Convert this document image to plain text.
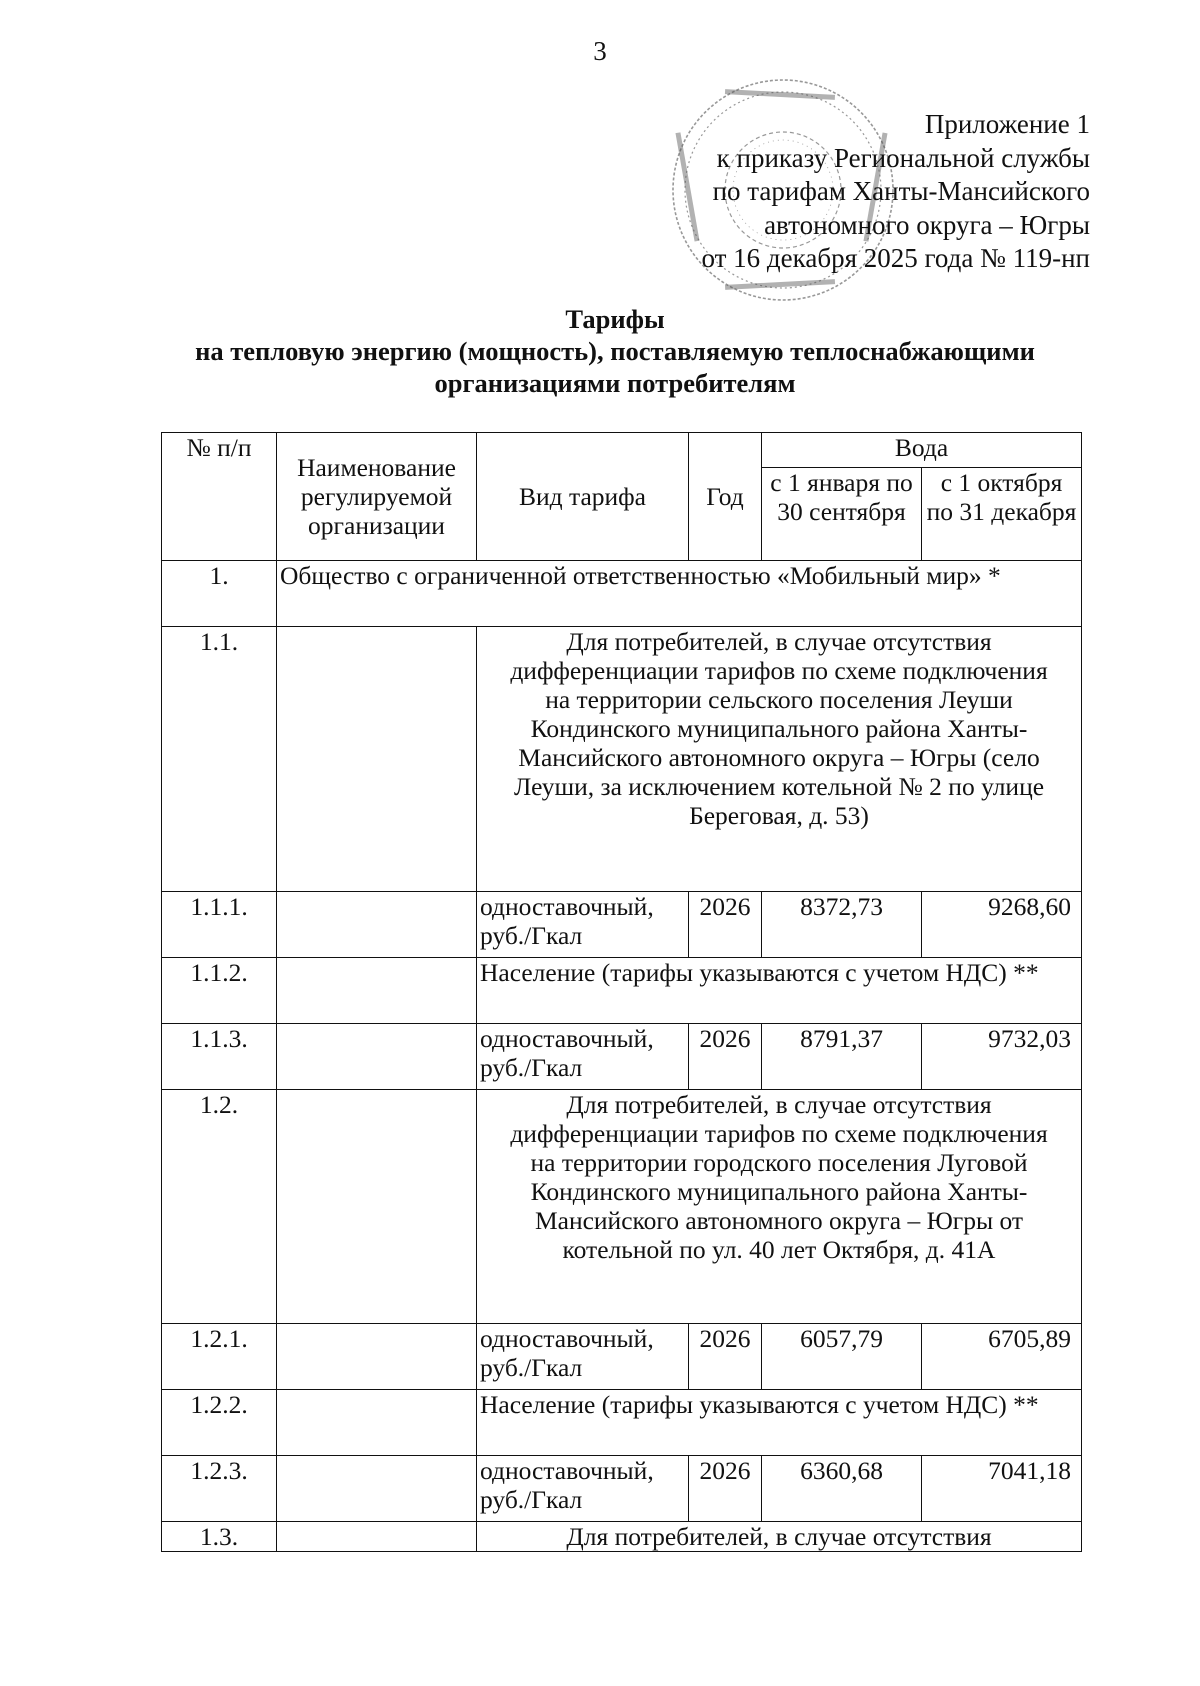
3
Приложение 1
к приказу Региональной службы
по тарифам Ханты-Мансийского
автономного округа – Югры
от 16 декабря 2025 года № 119-нп
Тарифы
на тепловую энергию (мощность), поставляемую теплоснабжающими
организациями потребителям
№ п/п	Наименование регулируемой организации	Вид тарифа	Год	Вода	
				с 1 января по 30 сентября	с 1 октября по 31 декабря
1.	Общество с ограниченной ответственностью «Мобильный мир» *				
1.1.		Для потребителей, в случае отсутствия дифференциации тарифов по схеме подключения на территории сельского поселения Леуши Кондинского муниципального района Ханты-Мансийского автономного округа – Югры (село Леуши, за исключением котельной № 2 по улице Береговая, д. 53)			
1.1.1.		одноставочный, руб./Гкал	2026	8372,73	9268,60
1.1.2.		Население (тарифы указываются с учетом НДС) **			
1.1.3.		одноставочный, руб./Гкал	2026	8791,37	9732,03
1.2.		Для потребителей, в случае отсутствия дифференциации тарифов по схеме подключения на территории городского поселения Луговой Кондинского муниципального района Ханты-Мансийского автономного округа – Югры от котельной по ул. 40 лет Октября, д. 41А			
1.2.1.		одноставочный, руб./Гкал	2026	6057,79	6705,89
1.2.2.		Население (тарифы указываются с учетом НДС) **			
1.2.3.		одноставочный, руб./Гкал	2026	6360,68	7041,18
1.3.		Для потребителей, в случае отсутствия			
